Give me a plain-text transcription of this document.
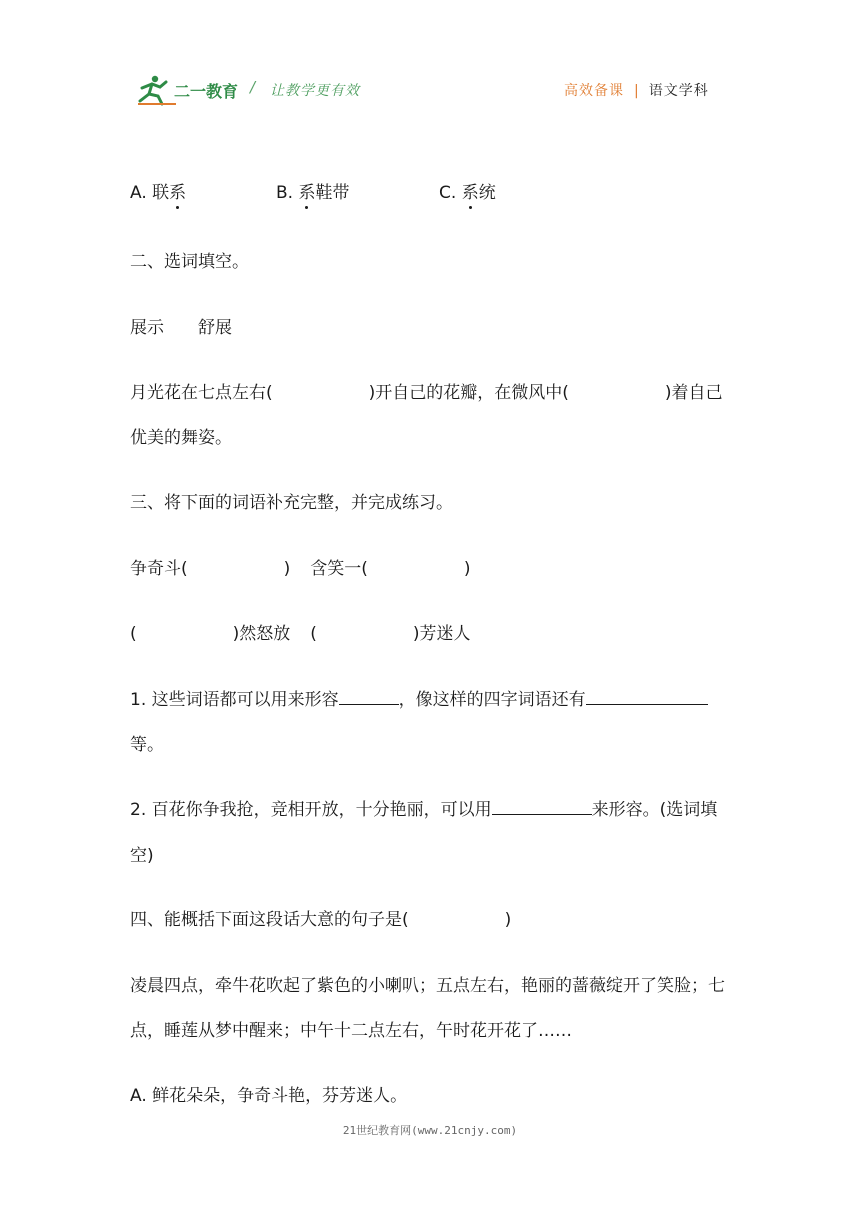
二一教育 / 让教学更有效	高效备课 | 语文学科
A. 联系	B. 系鞋带	C. 系统
二、选词填空。
展示　　舒展
月光花在七点左右(	)开自己的花瓣，在微风中(	)着自己
优美的舞姿。
三、将下面的词语补充完整，并完成练习。
争奇斗(	) 含笑一(	)
(	)然怒放 (	)芳迷人
1. 这些词语都可以用来形容	，像这样的四字词语还有
等。
2. 百花你争我抢，竞相开放，十分艳丽，可以用	来形容。(选词填
空)
四、能概括下面这段话大意的句子是(	)
凌晨四点，牵牛花吹起了紫色的小喇叭；五点左右，艳丽的蔷薇绽开了笑脸；七
点，睡莲从梦中醒来；中午十二点左右，午时花开花了……
A. 鲜花朵朵，争奇斗艳，芬芳迷人。
21世纪教育网(www.21cnjy.com)
